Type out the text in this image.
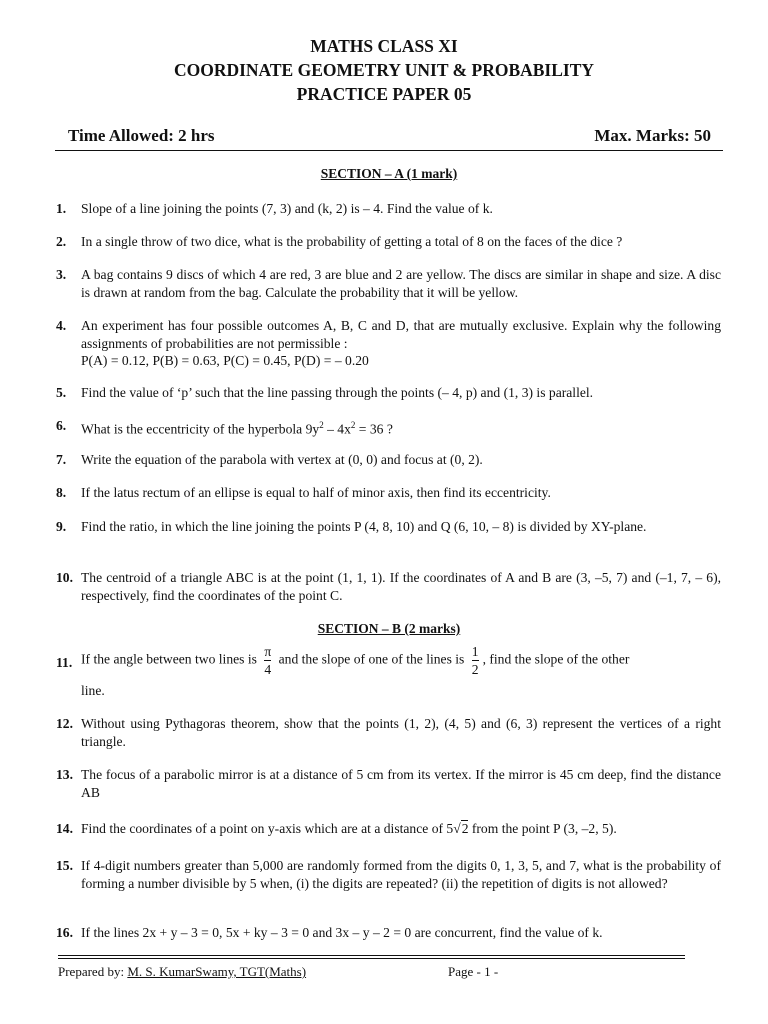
MATHS CLASS XI
COORDINATE GEOMETRY UNIT & PROBABILITY
PRACTICE PAPER 05
Time Allowed: 2 hrs	Max. Marks: 50
SECTION – A (1 mark)
1. Slope of a line joining the points (7, 3) and (k, 2) is – 4. Find the value of k.
2. In a single throw of two dice, what is the probability of getting a total of 8 on the faces of the dice ?
3. A bag contains 9 discs of which 4 are red, 3 are blue and 2 are yellow. The discs are similar in shape and size. A disc is drawn at random from the bag. Calculate the probability that it will be yellow.
4. An experiment has four possible outcomes A, B, C and D, that are mutually exclusive. Explain why the following assignments of probabilities are not permissible :
P(A) = 0.12, P(B) = 0.63, P(C) = 0.45, P(D) = – 0.20
5. Find the value of ‘p’ such that the line passing through the points (– 4, p) and (1, 3) is parallel.
6. What is the eccentricity of the hyperbola $9y^2 - 4x^2 = 36$ ?
7. Write the equation of the parabola with vertex at (0, 0) and focus at (0, 2).
8. If the latus rectum of an ellipse is equal to half of minor axis, then find its eccentricity.
9. Find the ratio, in which the line joining the points P (4, 8, 10) and Q (6, 10, – 8) is divided by XY-plane.
10. The centroid of a triangle ABC is at the point (1, 1, 1). If the coordinates of A and B are (3, –5, 7) and (–1, 7, – 6), respectively, find the coordinates of the point C.
SECTION – B (2 marks)
11. If the angle between two lines is $\frac{\pi}{4}$ and the slope of one of the lines is $\frac{1}{2}$ , find the slope of the other
line.
12. Without using Pythagoras theorem, show that the points (1, 2), (4, 5) and (6, 3) represent the vertices of a right triangle.
13. The focus of a parabolic mirror is at a distance of 5 cm from its vertex. If the mirror is 45 cm deep, find the distance AB
14. Find the coordinates of a point on y-axis which are at a distance of 5√2 from the point P (3, –2, 5).
15. If 4-digit numbers greater than 5,000 are randomly formed from the digits 0, 1, 3, 5, and 7, what is the probability of forming a number divisible by 5 when, (i) the digits are repeated? (ii) the repetition of digits is not allowed?
16. If the lines 2x + y – 3 = 0, 5x + ky – 3 = 0 and 3x – y – 2 = 0 are concurrent, find the value of k.
Prepared by: M. S. KumarSwamy, TGT(Maths)	Page - 1 -
